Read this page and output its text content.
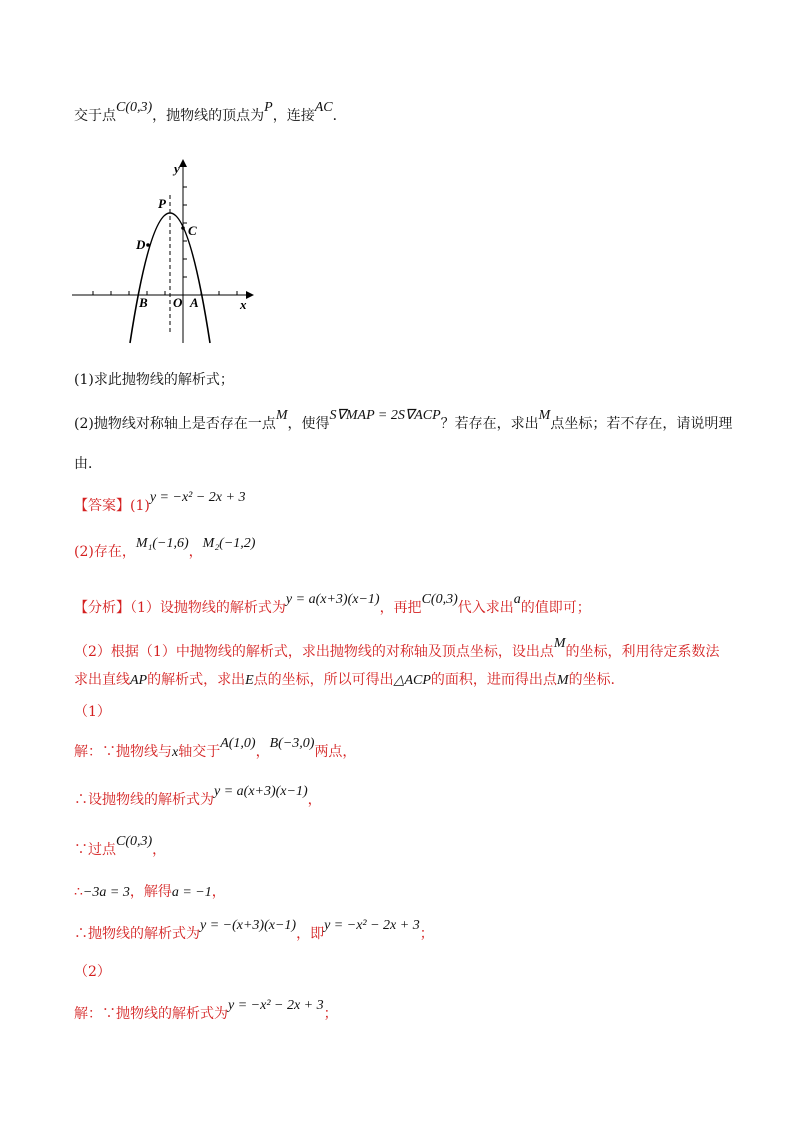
交于点C(0,3)，抛物线的顶点为P，连接AC．
y
x
P
C
D
B O A
(1)求此抛物线的解析式；
(2)抛物线对称轴上是否存在一点M，使得S∇MAP = 2S∇ACP？若存在，求出M点坐标；若不存在，请说明理
由．
【答案】(1)y = −x² − 2x + 3
(2)存在，M₁(−1,6)，M₂(−1,2)
【分析】（1）设抛物线的解析式为y = a(x+3)(x−1)，再把C(0,3)代入求出a的值即可；
（2）根据（1）中抛物线的解析式，求出抛物线的对称轴及顶点坐标，设出点M的坐标，利用待定系数法
求出直线AP的解析式，求出E点的坐标，所以可得出△ACP的面积，进而得出点M的坐标.
（1）
解：∵抛物线与x轴交于A(1,0)，B(−3,0)两点，
∴设抛物线的解析式为y = a(x+3)(x−1)，
∵过点C(0,3)，
∴−3a = 3，解得a = −1，
∴抛物线的解析式为y = −(x+3)(x−1)，即y = −x² − 2x + 3；
（2）
解：∵抛物线的解析式为y = −x² − 2x + 3；
